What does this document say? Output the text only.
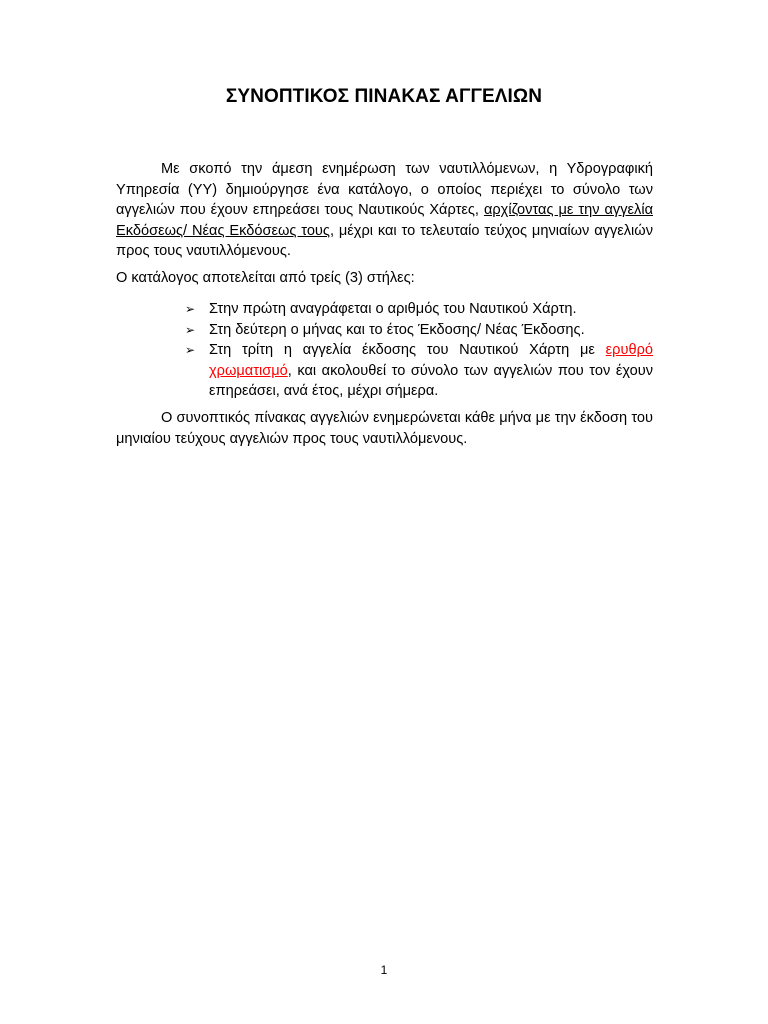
ΣΥΝΟΠΤΙΚΟΣ ΠΙΝΑΚΑΣ ΑΓΓΕΛΙΩΝ

Με σκοπό την άμεση ενημέρωση των ναυτιλλόμενων, η Υδρογραφική Υπηρεσία (ΥΥ) δημιούργησε ένα κατάλογο, ο οποίος περιέχει το σύνολο των αγγελιών που έχουν επηρεάσει τους Ναυτικούς Χάρτες, αρχίζοντας με την αγγελία Εκδόσεως/ Νέας Εκδόσεως τους, μέχρι και το τελευταίο τεύχος μηνιαίων αγγελιών προς τους ναυτιλλόμενους.

Ο κατάλογος αποτελείται από τρείς (3) στήλες:

➢ Στην πρώτη αναγράφεται ο αριθμός του Ναυτικού Χάρτη.
➢ Στη δεύτερη ο μήνας και το έτος Έκδοσης/ Νέας Έκδοσης.
➢ Στη τρίτη η αγγελία έκδοσης του Ναυτικού Χάρτη με ερυθρό χρωματισμό, και ακολουθεί το σύνολο των αγγελιών που τον έχουν επηρεάσει, ανά έτος, μέχρι σήμερα.

Ο συνοπτικός πίνακας αγγελιών ενημερώνεται κάθε μήνα με την έκδοση του μηνιαίου τεύχους αγγελιών προς τους ναυτιλλόμενους.

1
